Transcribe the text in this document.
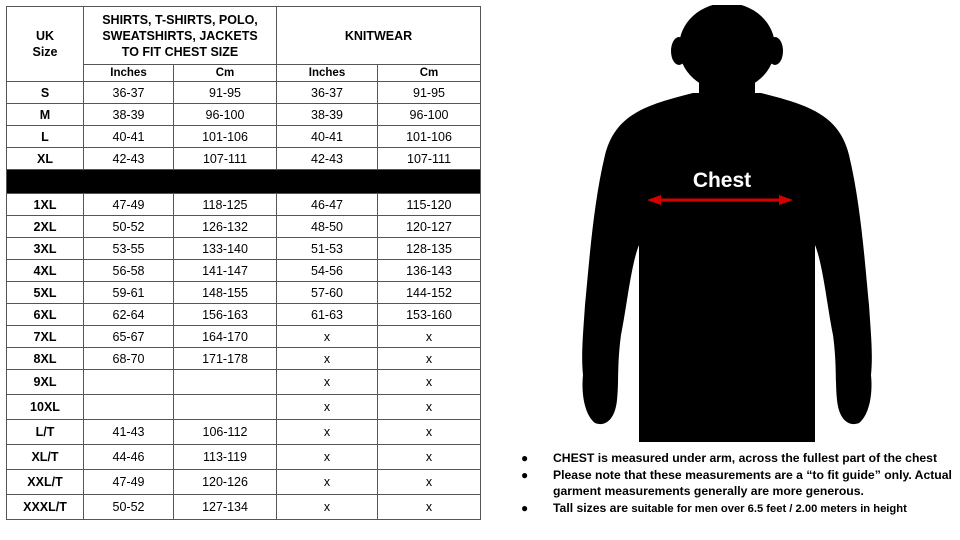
UK
Size	SHIRTS, T-SHIRTS, POLO,
SWEATSHIRTS, JACKETS
TO FIT CHEST SIZE		KNITWEAR	
	Inches	Cm	Inches	Cm
S	36-37	91-95	36-37	91-95
M	38-39	96-100	38-39	96-100
L	40-41	101-106	40-41	101-106
XL	42-43	107-111	42-43	107-111

1XL	47-49	118-125	46-47	115-120
2XL	50-52	126-132	48-50	120-127
3XL	53-55	133-140	51-53	128-135
4XL	56-58	141-147	54-56	136-143
5XL	59-61	148-155	57-60	144-152
6XL	62-64	156-163	61-63	153-160
7XL	65-67	164-170	x	x
8XL	68-70	171-178	x	x
9XL			x	x
10XL			x	x
L/T	41-43	106-112	x	x
XL/T	44-46	113-119	x	x
XXL/T	47-49	120-126	x	x
XXXL/T	50-52	127-134	x	x
Chest
● CHEST is measured under arm, across the fullest part of the chest
● Please note that these measurements are a “to fit guide” only. Actual garment measurements generally are more generous.
● Tall sizes are suitable for men over 6.5 feet / 2.00 meters in height
